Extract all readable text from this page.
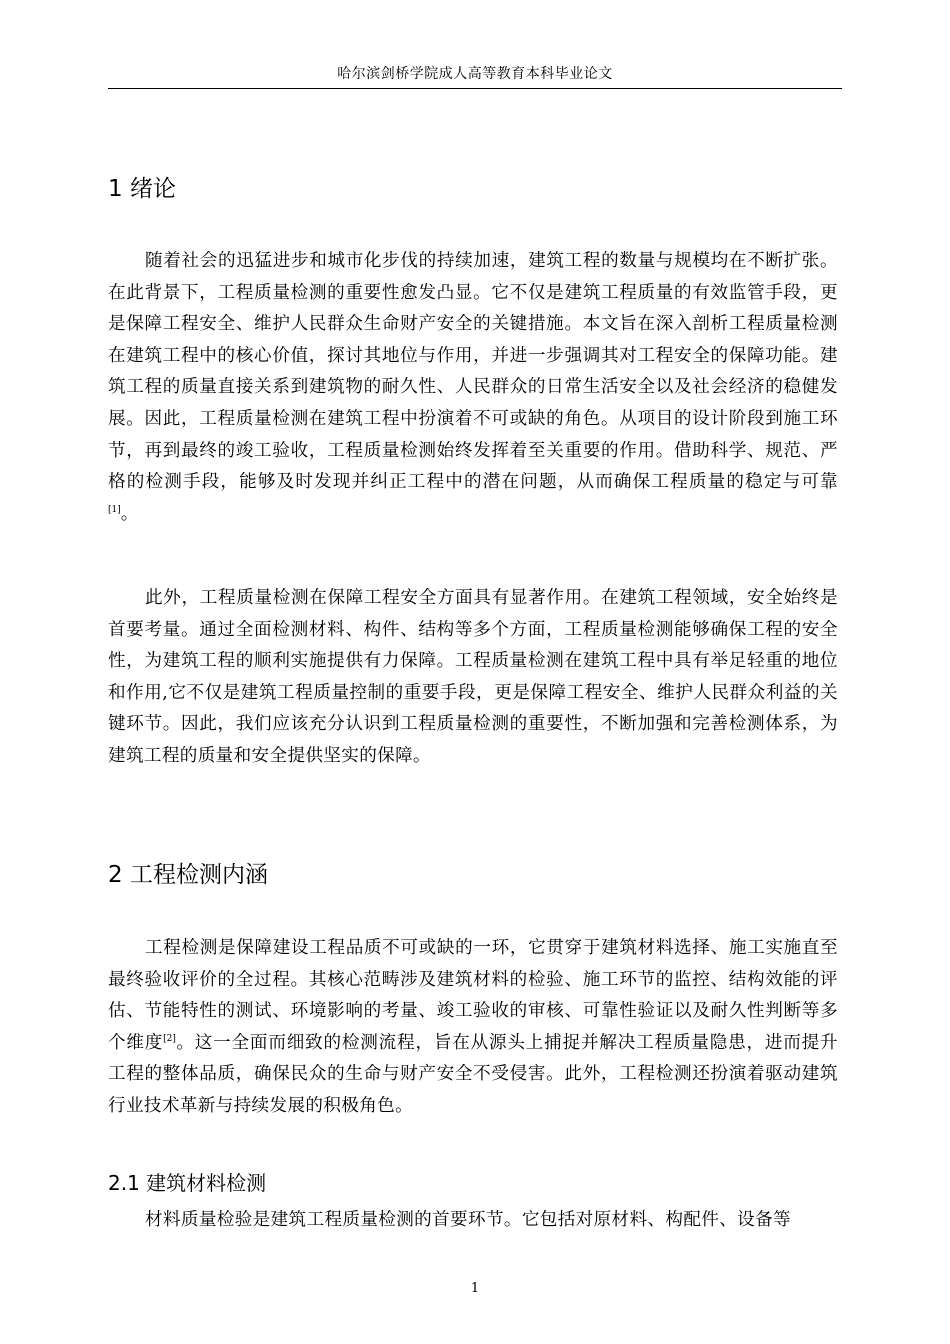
哈尔滨剑桥学院成人高等教育本科毕业论文
1 绪论

随着社会的迅猛进步和城市化步伐的持续加速，建筑工程的数量与规模均在不断扩张。在此背景下，工程质量检测的重要性愈发凸显。它不仅是建筑工程质量的有效监管手段，更是保障工程安全、维护人民群众生命财产安全的关键措施。本文旨在深入剖析工程质量检测在建筑工程中的核心价值，探讨其地位与作用，并进一步强调其对工程安全的保障功能。建筑工程的质量直接关系到建筑物的耐久性、人民群众的日常生活安全以及社会经济的稳健发展。因此，工程质量检测在建筑工程中扮演着不可或缺的角色。从项目的设计阶段到施工环节，再到最终的竣工验收，工程质量检测始终发挥着至关重要的作用。借助科学、规范、严格的检测手段，能够及时发现并纠正工程中的潜在问题，从而确保工程质量的稳定与可靠[1]。

此外，工程质量检测在保障工程安全方面具有显著作用。在建筑工程领域，安全始终是首要考量。通过全面检测材料、构件、结构等多个方面，工程质量检测能够确保工程的安全性，为建筑工程的顺利实施提供有力保障。工程质量检测在建筑工程中具有举足轻重的地位和作用,它不仅是建筑工程质量控制的重要手段，更是保障工程安全、维护人民群众利益的关键环节。因此，我们应该充分认识到工程质量检测的重要性，不断加强和完善检测体系，为建筑工程的质量和安全提供坚实的保障。

2 工程检测内涵

工程检测是保障建设工程品质不可或缺的一环，它贯穿于建筑材料选择、施工实施直至最终验收评价的全过程。其核心范畴涉及建筑材料的检验、施工环节的监控、结构效能的评估、节能特性的测试、环境影响的考量、竣工验收的审核、可靠性验证以及耐久性判断等多个维度[2]。这一全面而细致的检测流程，旨在从源头上捕捉并解决工程质量隐患，进而提升工程的整体品质，确保民众的生命与财产安全不受侵害。此外，工程检测还扮演着驱动建筑行业技术革新与持续发展的积极角色。

2.1 建筑材料检测

材料质量检验是建筑工程质量检测的首要环节。它包括对原材料、构配件、设备等

1
